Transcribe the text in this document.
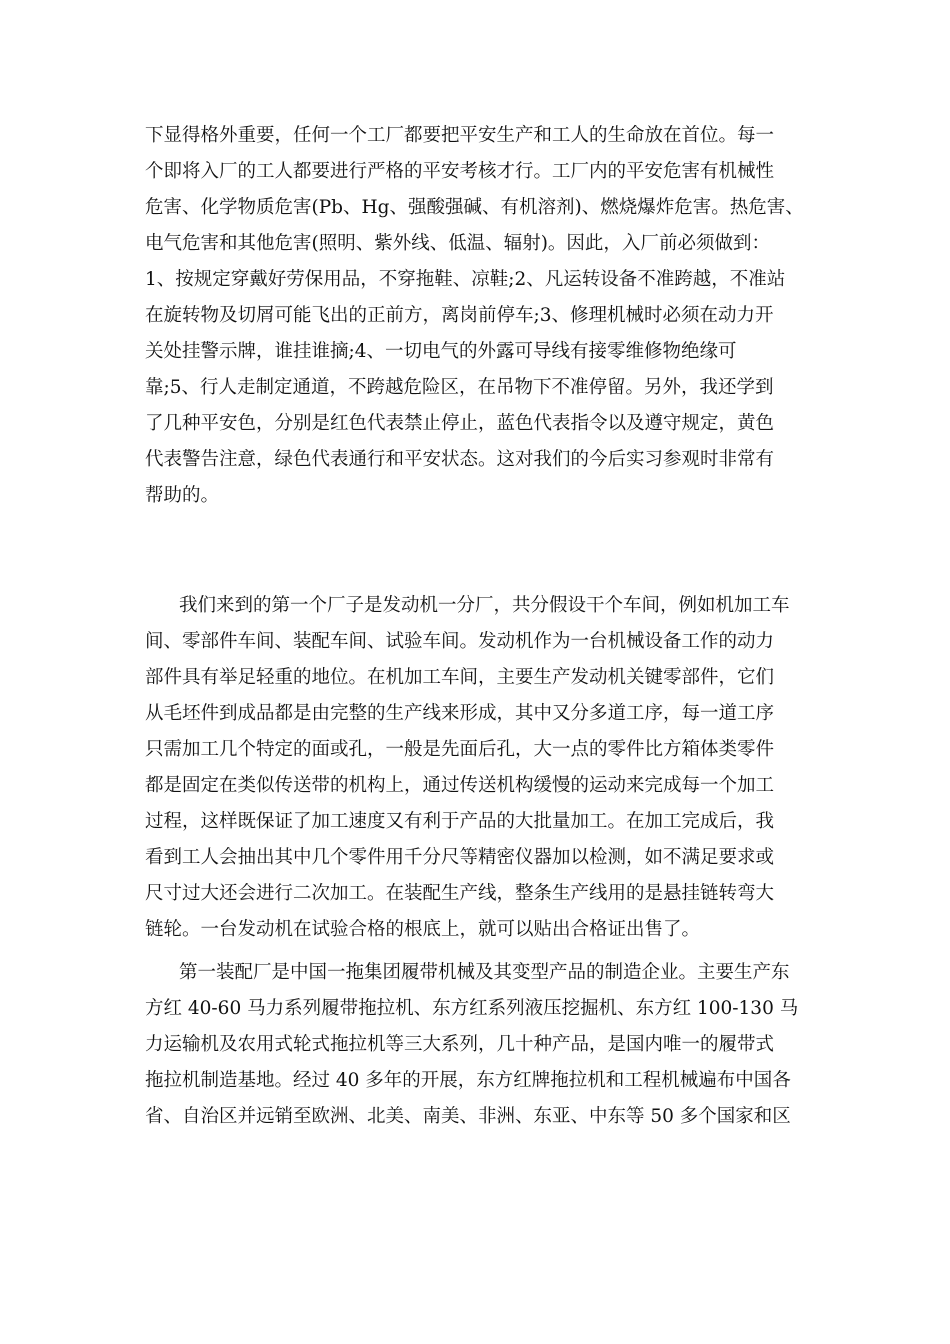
下显得格外重要，任何一个工厂都要把平安生产和工人的生命放在首位。每一
个即将入厂的工人都要进行严格的平安考核才行。工厂内的平安危害有机械性
危害、化学物质危害(Pb、Hg、强酸强碱、有机溶剂)、燃烧爆炸危害。热危害、
电气危害和其他危害(照明、紫外线、低温、辐射)。因此，入厂前必须做到：
1、按规定穿戴好劳保用品，不穿拖鞋、凉鞋;2、凡运转设备不准跨越，不准站
在旋转物及切屑可能飞出的正前方，离岗前停车;3、修理机械时必须在动力开
关处挂警示牌，谁挂谁摘;4、一切电气的外露可导线有接零维修物绝缘可
靠;5、行人走制定通道，不跨越危险区，在吊物下不准停留。另外，我还学到
了几种平安色，分别是红色代表禁止停止，蓝色代表指令以及遵守规定，黄色
代表警告注意，绿色代表通行和平安状态。这对我们的今后实习参观时非常有
帮助的。
我们来到的第一个厂子是发动机一分厂，共分假设干个车间，例如机加工车
间、零部件车间、装配车间、试验车间。发动机作为一台机械设备工作的动力
部件具有举足轻重的地位。在机加工车间，主要生产发动机关键零部件，它们
从毛坯件到成品都是由完整的生产线来形成，其中又分多道工序，每一道工序
只需加工几个特定的面或孔，一般是先面后孔，大一点的零件比方箱体类零件
都是固定在类似传送带的机构上，通过传送机构缓慢的运动来完成每一个加工
过程，这样既保证了加工速度又有利于产品的大批量加工。在加工完成后，我
看到工人会抽出其中几个零件用千分尺等精密仪器加以检测，如不满足要求或
尺寸过大还会进行二次加工。在装配生产线，整条生产线用的是悬挂链转弯大
链轮。一台发动机在试验合格的根底上，就可以贴出合格证出售了。
第一装配厂是中国一拖集团履带机械及其变型产品的制造企业。主要生产东
方红 40-60 马力系列履带拖拉机、东方红系列液压挖掘机、东方红 100-130 马
力运输机及农用式轮式拖拉机等三大系列，几十种产品，是国内唯一的履带式
拖拉机制造基地。经过 40 多年的开展，东方红牌拖拉机和工程机械遍布中国各
省、自治区并远销至欧洲、北美、南美、非洲、东亚、中东等 50 多个国家和区
